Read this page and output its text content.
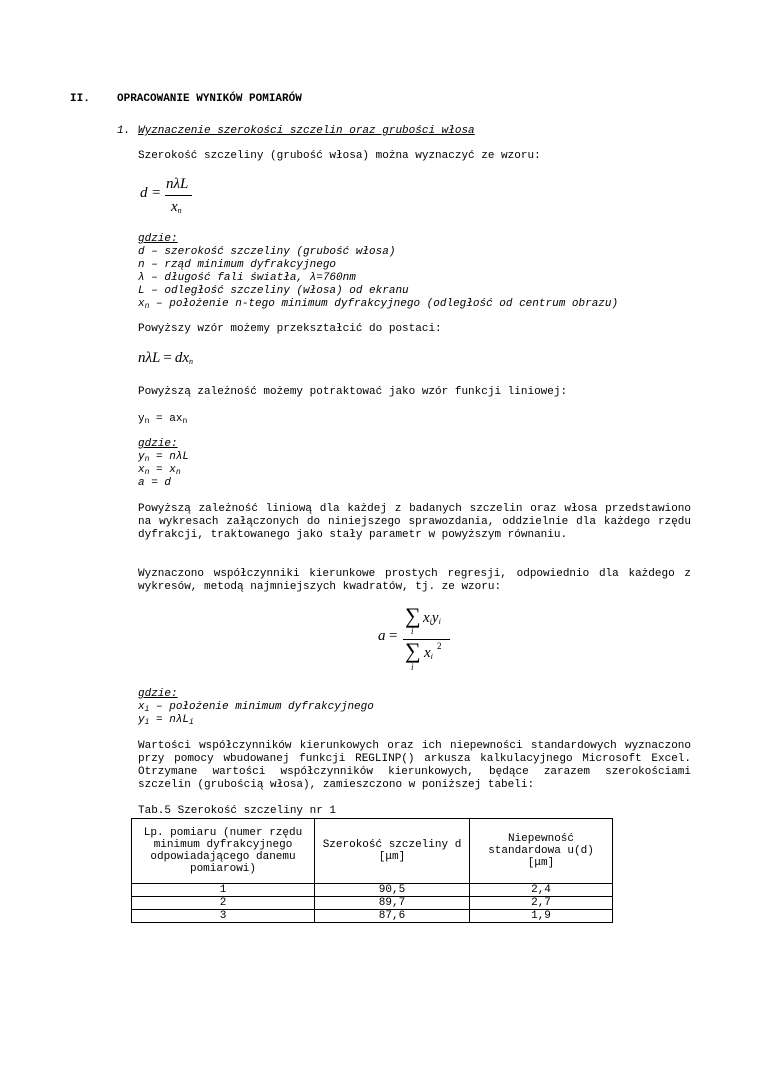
II. OPRACOWANIE WYNIKÓW POMIARÓW
1. Wyznaczenie szerokości szczelin oraz grubości włosa
Szerokość szczeliny (grubość włosa) można wyznaczyć ze wzoru:
d =
nλL
$x_n$
gdzie:
d – szerokość szczeliny (grubość włosa)
n – rząd minimum dyfrakcyjnego
λ – długość fali światła, λ=760nm
L – odległość szczeliny (włosa) od ekranu
$x_n$ – położenie n-tego minimum dyfrakcyjnego (odległość od centrum obrazu)
Powyższy wzór możemy przekształcić do postaci:
$n\lambda L = dx_n$
Powyższą zależność możemy potraktować jako wzór funkcji liniowej:
$y_n = ax_n$
gdzie:
$y_n = n\lambda L$
$x_n = x_n$
a = d
Powyższą zależność liniową dla każdej z badanych szczelin oraz włosa przedstawiono na wykresach załączonych do niniejszego sprawozdania, oddzielnie dla każdego rzędu dyfrakcji, traktowanego jako stały parametr w powyższym równaniu.
Wyznaczono współczynniki kierunkowe prostych regresji, odpowiednio dla każdego z wykresów, metodą najmniejszych kwadratów, tj. ze wzoru:
a =
∑
i
$x_iy_i$
∑
i
$x_i$
2
gdzie:
$x_i$ – położenie minimum dyfrakcyjnego
$y_i = n\lambda L_i$
Wartości współczynników kierunkowych oraz ich niepewności standardowych wyznaczono przy pomocy wbudowanej funkcji REGLINP() arkusza kalkulacyjnego Microsoft Excel. Otrzymane wartości współczynników kierunkowych, będące zarazem szerokościami szczelin (grubością włosa), zamieszczono w poniższej tabeli:
Tab.5 Szerokość szczeliny nr 1
Lp. pomiaru (numer rzędu minimum dyfrakcyjnego odpowiadającego danemu pomiarowi)	Szerokość szczeliny d [μm]	Niepewność standardowa u(d) [μm]
1	90,5	2,4
2	89,7	2,7
3	87,6	1,9
